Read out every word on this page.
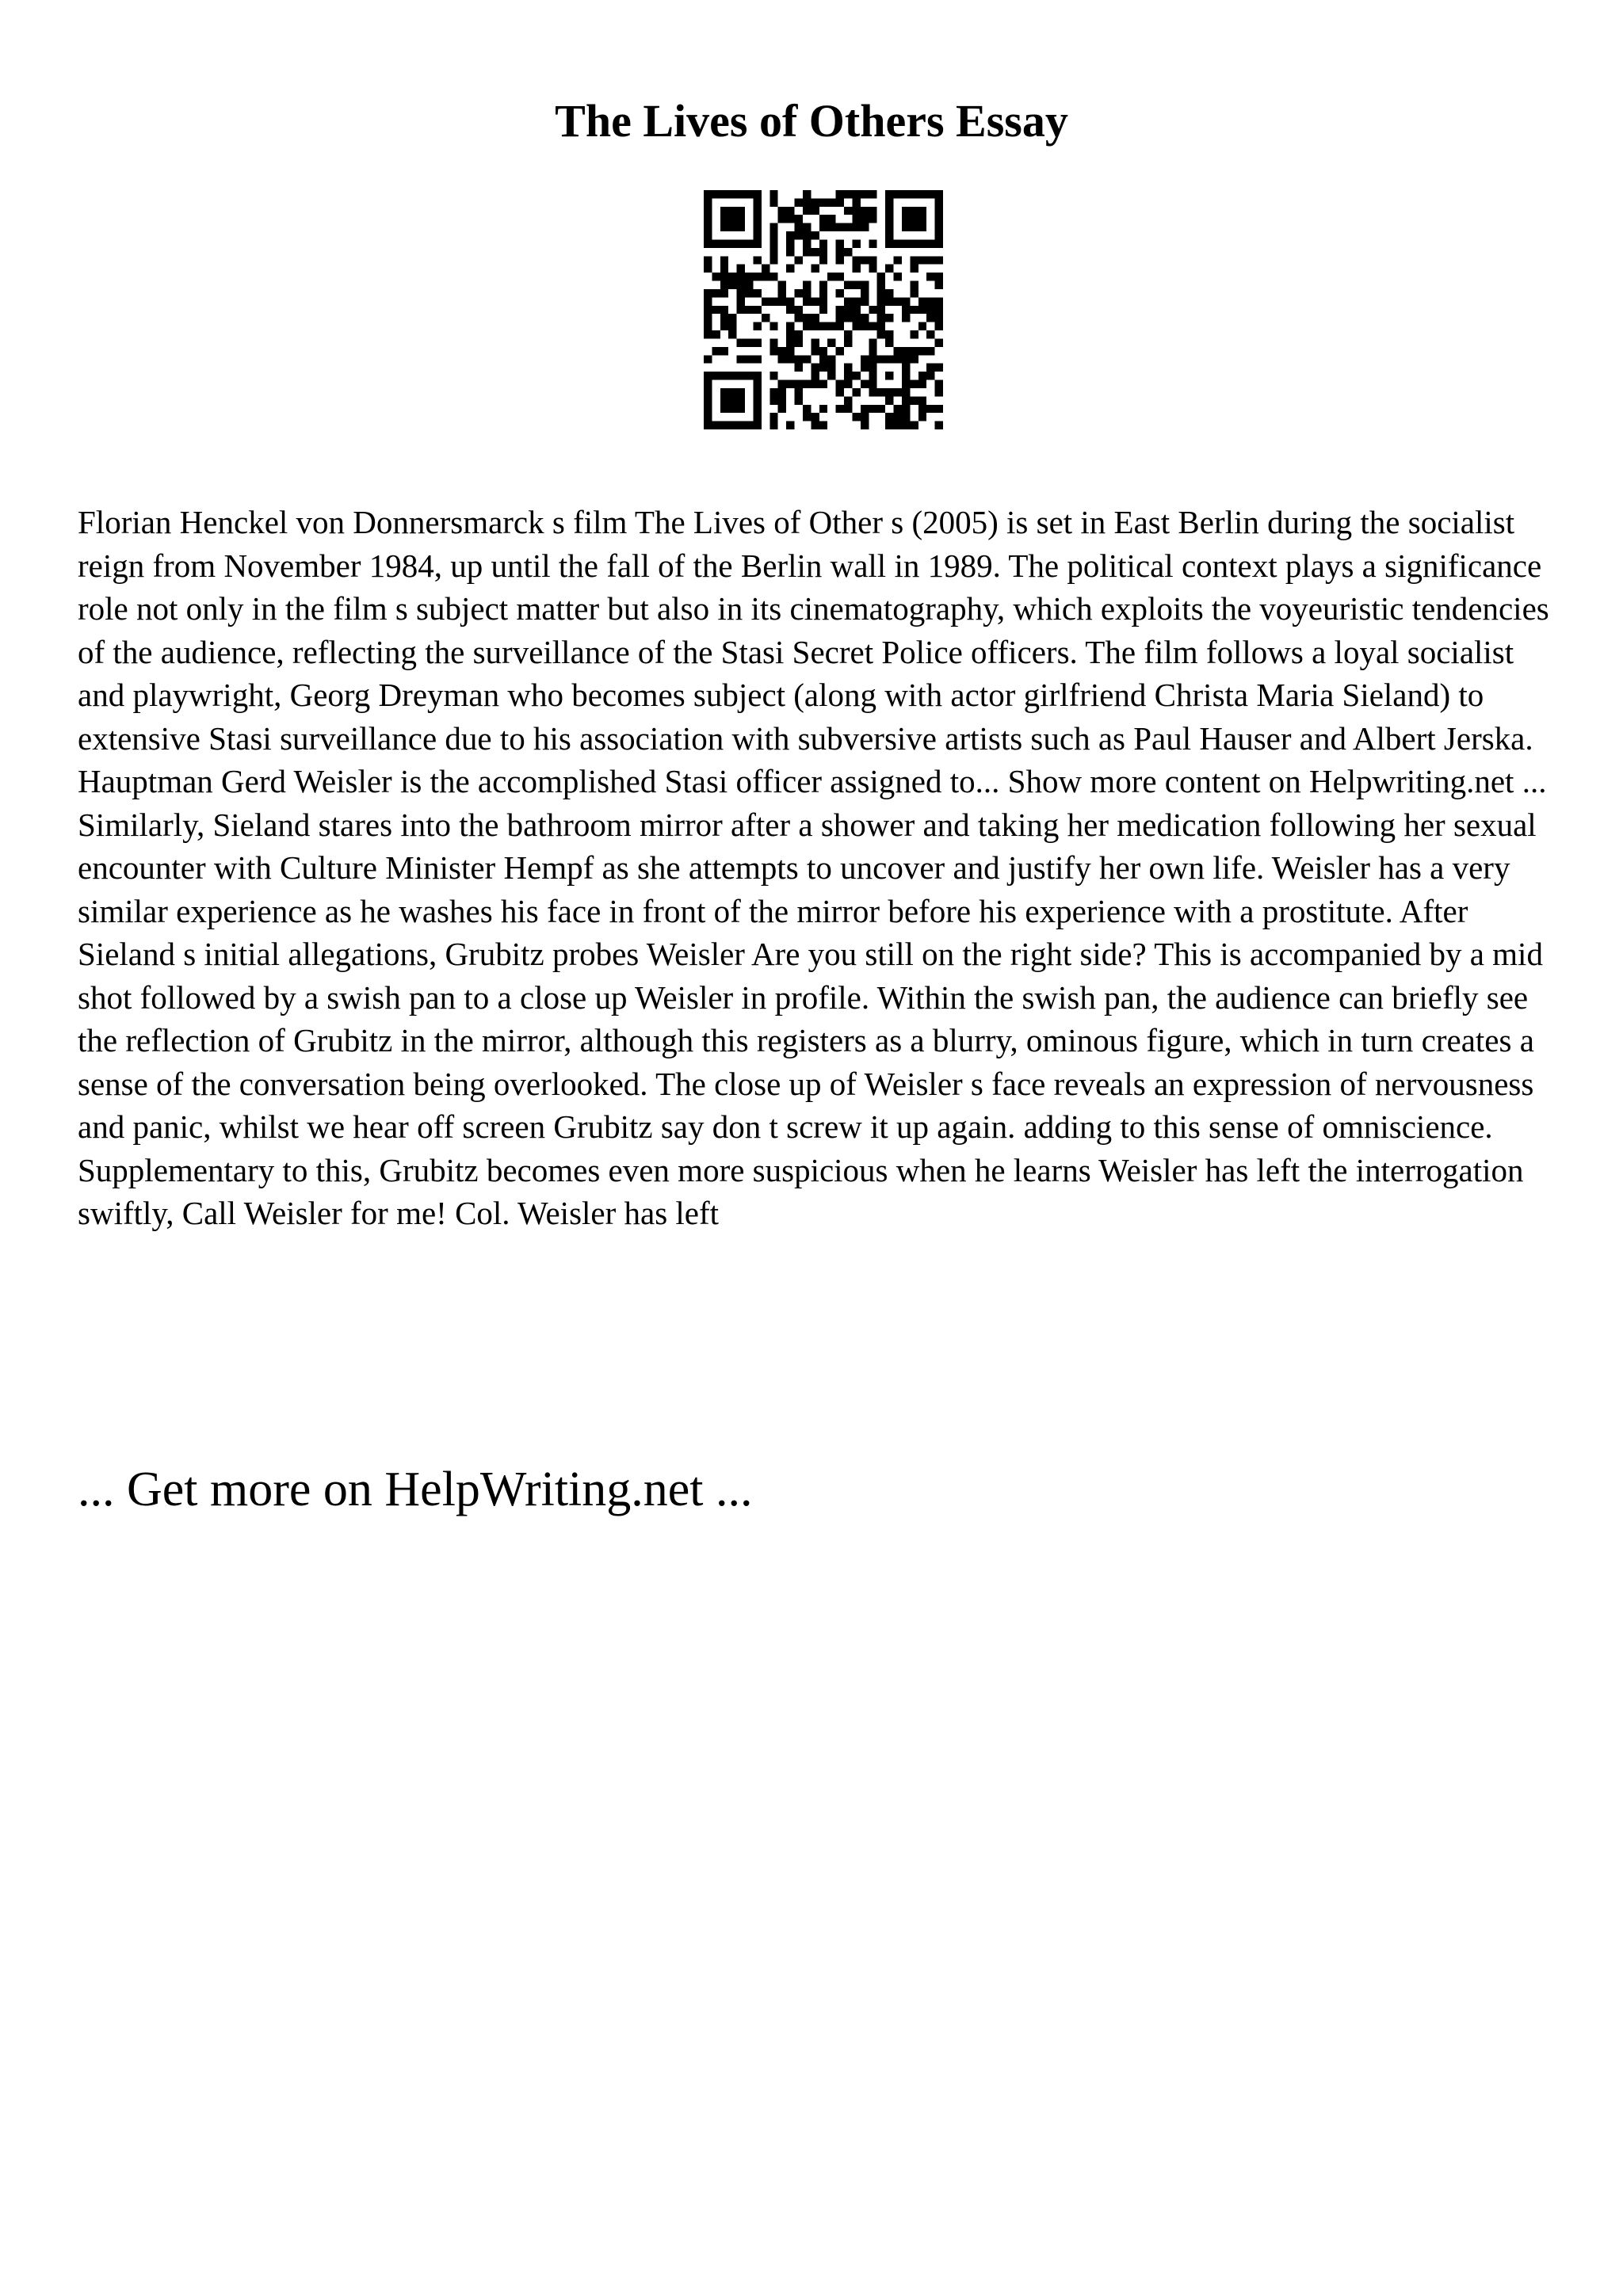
The Lives of Others Essay

Florian Henckel von Donnersmarck s film The Lives of Other s (2005) is set in East Berlin during the socialist reign from November 1984, up until the fall of the Berlin wall in 1989. The political context plays a significance role not only in the film s subject matter but also in its cinematography, which exploits the voyeuristic tendencies of the audience, reflecting the surveillance of the Stasi Secret Police officers. The film follows a loyal socialist and playwright, Georg Dreyman who becomes subject (along with actor girlfriend Christa Maria Sieland) to extensive Stasi surveillance due to his association with subversive artists such as Paul Hauser and Albert Jerska. Hauptman Gerd Weisler is the accomplished Stasi officer assigned to... Show more content on Helpwriting.net ...

Similarly, Sieland stares into the bathroom mirror after a shower and taking her medication following her sexual encounter with Culture Minister Hempf as she attempts to uncover and justify her own life. Weisler has a very similar experience as he washes his face in front of the mirror before his experience with a prostitute. After Sieland s initial allegations, Grubitz probes Weisler Are you still on the right side? This is accompanied by a mid shot followed by a swish pan to a close up Weisler in profile. Within the swish pan, the audience can briefly see the reflection of Grubitz in the mirror, although this registers as a blurry, ominous figure, which in turn creates a sense of the conversation being overlooked. The close up of Weisler s face reveals an expression of nervousness and panic, whilst we hear off screen Grubitz say don t screw it up again. adding to this sense of omniscience. Supplementary to this, Grubitz becomes even more suspicious when he learns Weisler has left the interrogation swiftly, Call Weisler for me! Col. Weisler has left

... Get more on HelpWriting.net ...
